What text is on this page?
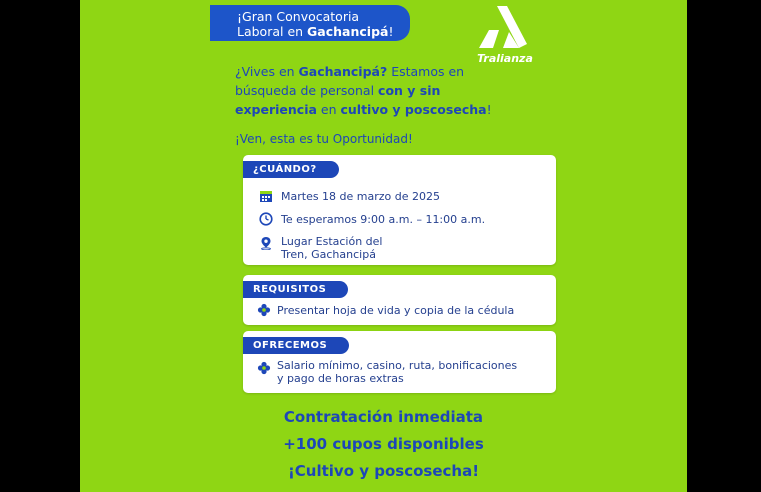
¡Gran Convocatoria
Laboral en Gachancipá!
Tralianza
¿Vives en Gachancipá? Estamos en búsqueda de personal con y sin experiencia en cultivo y poscosecha!
¡Ven, esta es tu Oportunidad!
¿CUÁNDO?
Martes 18 de marzo de 2025
Te esperamos 9:00 a.m. – 11:00 a.m.
Lugar Estación del
Tren, Gachancipá
REQUISITOS
Presentar hoja de vida y copia de la cédula
OFRECEMOS
Salario mínimo, casino, ruta, bonificaciones
y pago de horas extras
Contratación inmediata
+100 cupos disponibles
¡Cultivo y poscosecha!
